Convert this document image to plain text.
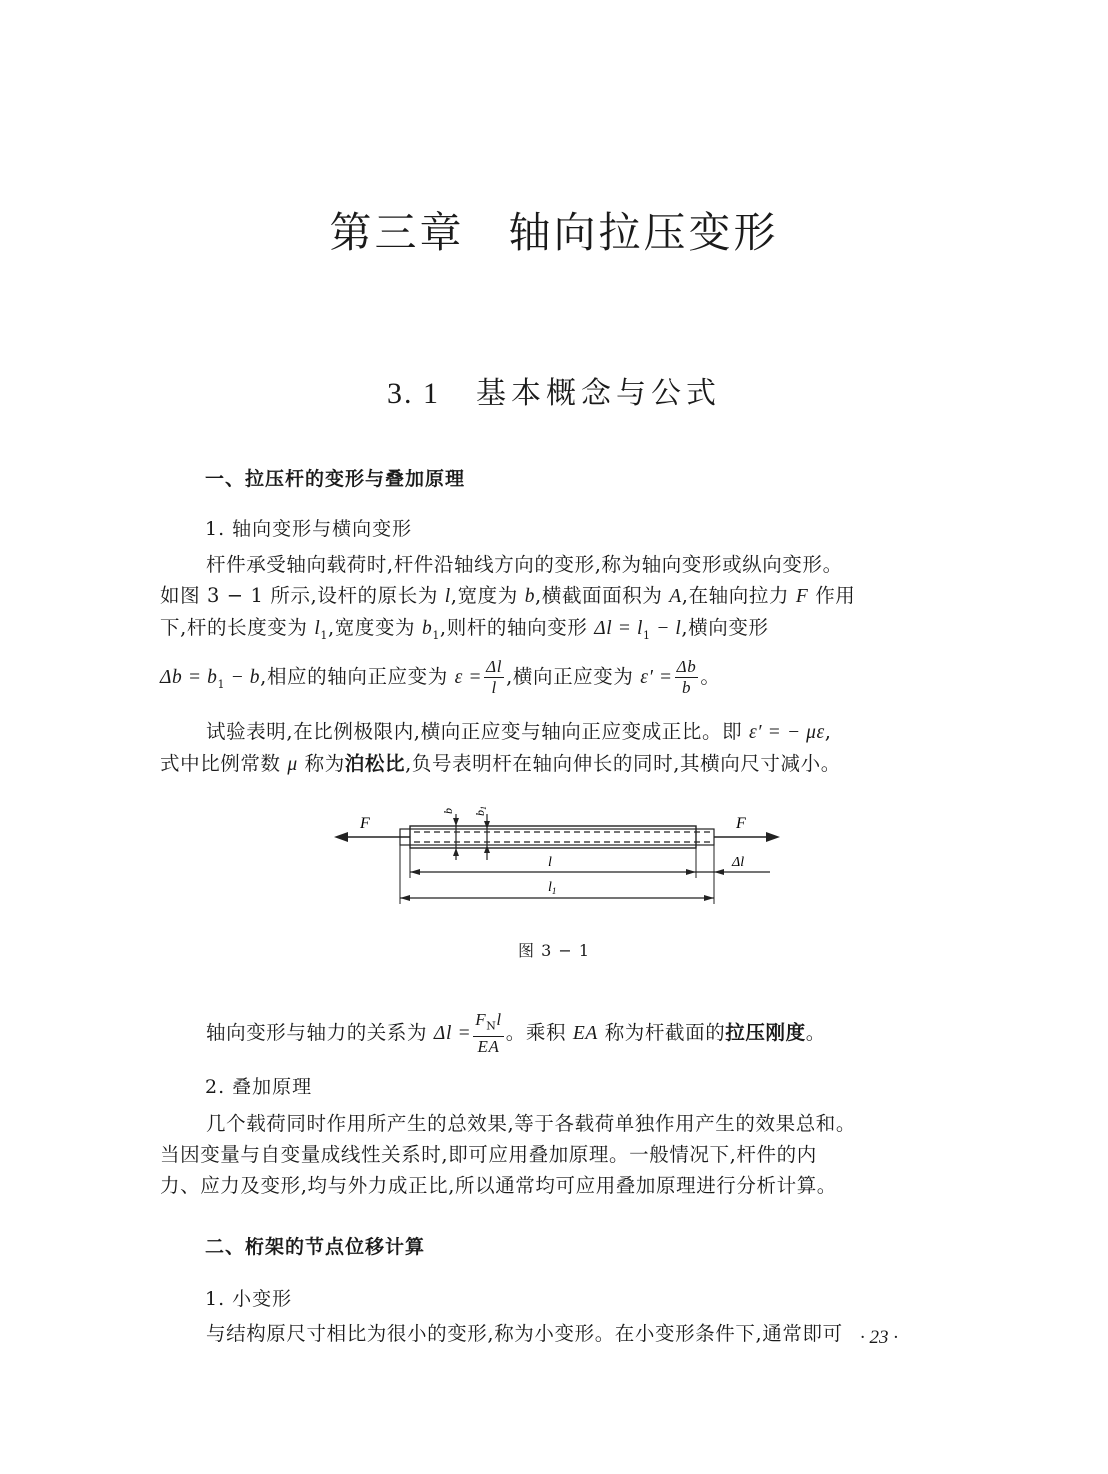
第三章 轴向拉压变形
3. 1 基本概念与公式
一、拉压杆的变形与叠加原理
1. 轴向变形与横向变形
杆件承受轴向载荷时,杆件沿轴线方向的变形,称为轴向变形或纵向变形。
如图 3 − 1 所示,设杆的原长为 l,宽度为 b,横截面面积为 A,在轴向拉力 F 作用
下,杆的长度变为 $l_1$,宽度变为 $b_1$,则杆的轴向变形 $\Delta l = l_1 - l$,横向变形
$\Delta b = b_1 - b$,相应的轴向正应变为 $\varepsilon = \frac{\Delta l}{l}$ ,横向正应变为 $\varepsilon' = \frac{\Delta b}{b}$ 。
试验表明,在比例极限内,横向正应变与轴向正应变成正比。即 ε′ = − με,
式中比例常数 μ 称为泊松比,负号表明杆在轴向伸长的同时,其横向尺寸减小。
F	F
b b1
l
$l_1$
Δl
图 3 − 1
轴向变形与轴力的关系为 $\Delta l = \frac{F_Nl}{EA}$ 。乘积 EA 称为杆截面的拉压刚度。
2. 叠加原理
几个载荷同时作用所产生的总效果,等于各载荷单独作用产生的效果总和。
当因变量与自变量成线性关系时,即可应用叠加原理。一般情况下,杆件的内
力、应力及变形,均与外力成正比,所以通常均可应用叠加原理进行分析计算。
二、桁架的节点位移计算
1. 小变形
与结构原尺寸相比为很小的变形,称为小变形。在小变形条件下,通常即可 · 23 ·
